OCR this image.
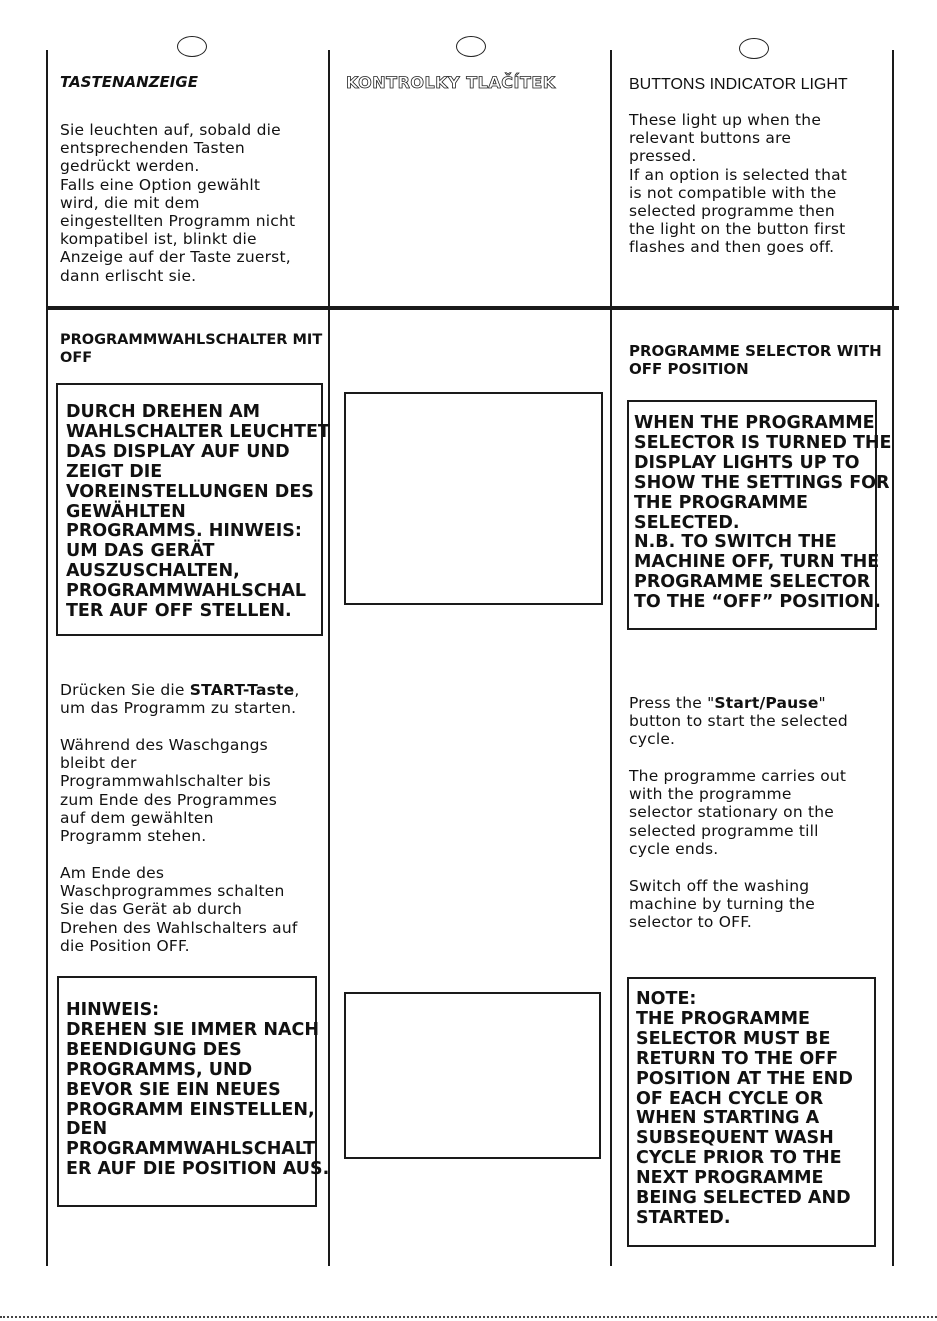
TASTENANZEIGE

Sie leuchten auf, sobald die
entsprechenden Tasten
gedrückt werden.
Falls eine Option gewählt
wird, die mit dem
eingestellten Programm nicht
kompatibel ist, blinkt die
Anzeige auf der Taste zuerst,
dann erlischt sie.

PROGRAMMWAHLSCHALTER MIT
OFF

DURCH DREHEN AM
WAHLSCHALTER LEUCHTET
DAS DISPLAY AUF UND
ZEIGT DIE
VOREINSTELLUNGEN DES
GEWÄHLTEN
PROGRAMMS. HINWEIS:
UM DAS GERÄT
AUSZUSCHALTEN,
PROGRAMMWAHLSCHAL
TER AUF OFF STELLEN.

Drücken Sie die START-Taste,
um das Programm zu starten.

Während des Waschgangs
bleibt der
Programmwahlschalter bis
zum Ende des Programmes
auf dem gewählten
Programm stehen.

Am Ende des
Waschprogrammes schalten
Sie das Gerät ab durch
Drehen des Wahlschalters auf
die Position OFF.

HINWEIS:
DREHEN SIE IMMER NACH
BEENDIGUNG DES
PROGRAMMS, UND
BEVOR SIE EIN NEUES
PROGRAMM EINSTELLEN,
DEN
PROGRAMMWAHLSCHALT
ER AUF DIE POSITION AUS.

KONTROLKY TLAČÍTEK	BUTTONS INDICATOR LIGHT

These light up when the
relevant buttons are
pressed.
If an option is selected that
is not compatible with the
selected programme then
the light on the button first
flashes and then goes off.

PROGRAMME SELECTOR WITH
OFF POSITION

WHEN THE PROGRAMME
SELECTOR IS TURNED THE
DISPLAY LIGHTS UP TO
SHOW THE SETTINGS FOR
THE PROGRAMME
SELECTED.
N.B. TO SWITCH THE
MACHINE OFF, TURN THE
PROGRAMME SELECTOR
TO THE “OFF” POSITION.

Press the "Start/Pause"
button to start the selected
cycle.

The programme carries out
with the programme
selector stationary on the
selected programme till
cycle ends.

Switch off the washing
machine by turning the
selector to OFF.

NOTE:
THE PROGRAMME
SELECTOR MUST BE
RETURN TO THE OFF
POSITION AT THE END
OF EACH CYCLE OR
WHEN STARTING A
SUBSEQUENT WASH
CYCLE PRIOR TO THE
NEXT PROGRAMME
BEING SELECTED AND
STARTED.
